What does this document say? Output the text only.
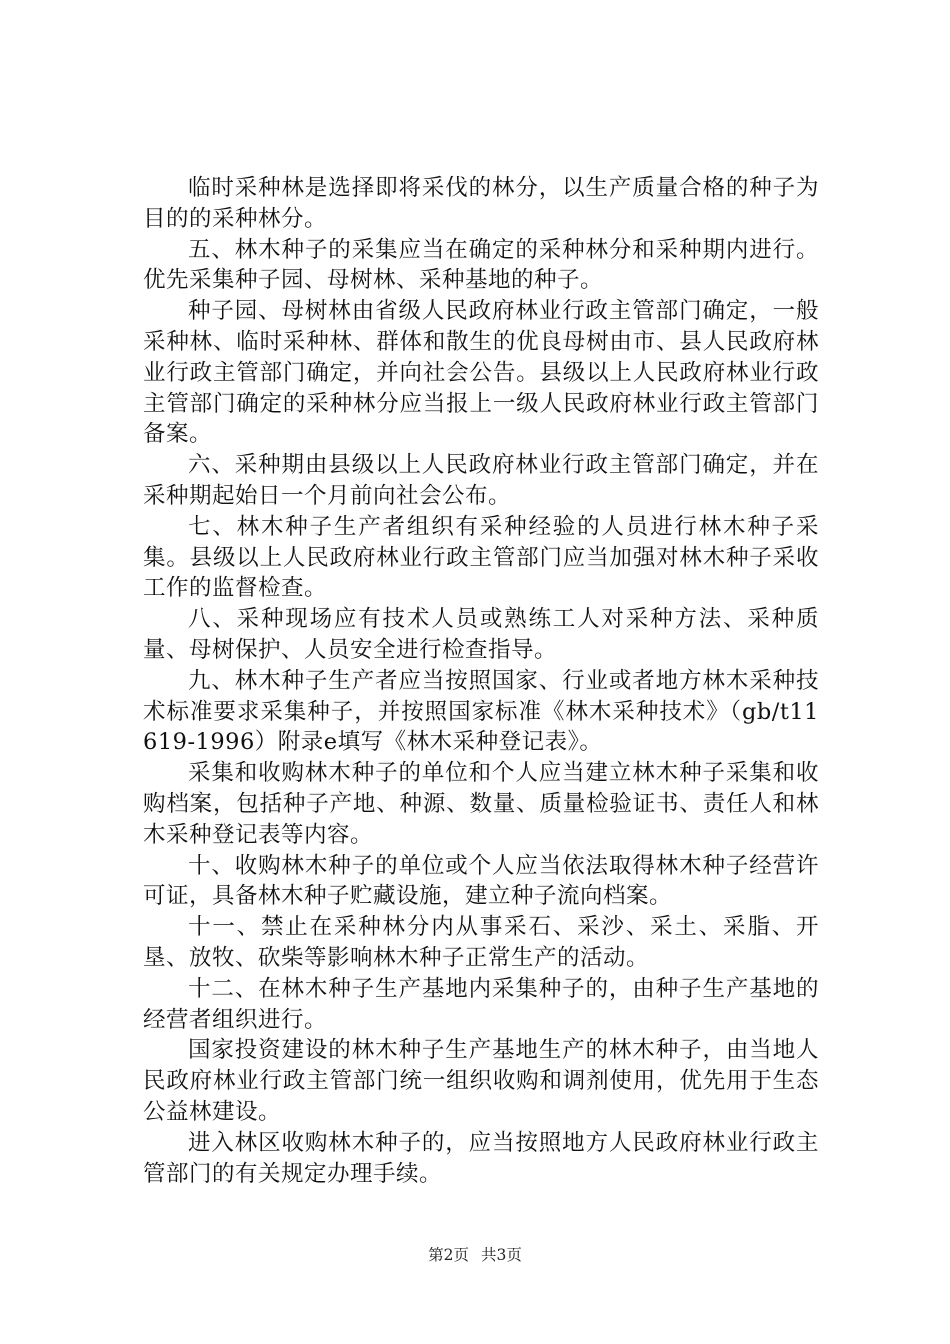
临时采种林是选择即将采伐的林分，以生产质量合格的种子为目的的采种林分。

五、林木种子的采集应当在确定的采种林分和采种期内进行。优先采集种子园、母树林、采种基地的种子。

种子园、母树林由省级人民政府林业行政主管部门确定，一般采种林、临时采种林、群体和散生的优良母树由市、县人民政府林业行政主管部门确定，并向社会公告。县级以上人民政府林业行政主管部门确定的采种林分应当报上一级人民政府林业行政主管部门备案。

六、采种期由县级以上人民政府林业行政主管部门确定，并在采种期起始日一个月前向社会公布。

七、林木种子生产者组织有采种经验的人员进行林木种子采集。县级以上人民政府林业行政主管部门应当加强对林木种子采收工作的监督检查。

八、采种现场应有技术人员或熟练工人对采种方法、采种质量、母树保护、人员安全进行检查指导。

九、林木种子生产者应当按照国家、行业或者地方林木采种技术标准要求采集种子，并按照国家标准《林木采种技术》（gb/t11619-1996）附录e填写《林木采种登记表》。

采集和收购林木种子的单位和个人应当建立林木种子采集和收购档案，包括种子产地、种源、数量、质量检验证书、责任人和林木采种登记表等内容。

十、收购林木种子的单位或个人应当依法取得林木种子经营许可证，具备林木种子贮藏设施，建立种子流向档案。

十一、禁止在采种林分内从事采石、采沙、采土、采脂、开垦、放牧、砍柴等影响林木种子正常生产的活动。

十二、在林木种子生产基地内采集种子的，由种子生产基地的经营者组织进行。

国家投资建设的林木种子生产基地生产的林木种子，由当地人民政府林业行政主管部门统一组织收购和调剂使用，优先用于生态公益林建设。

进入林区收购林木种子的，应当按照地方人民政府林业行政主管部门的有关规定办理手续。

第2页 共3页
